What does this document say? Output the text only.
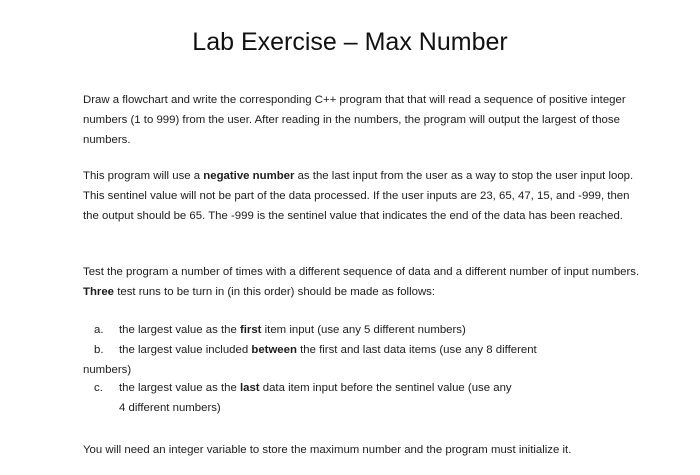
Lab Exercise – Max Number

Draw a flowchart and write the corresponding C++ program that that will read a sequence of positive integer numbers (1 to 999) from the user. After reading in the numbers, the program will output the largest of those numbers.

This program will use a negative number as the last input from the user as a way to stop the user input loop. This sentinel value will not be part of the data processed. If the user inputs are 23, 65, 47, 15, and -999, then the output should be 65. The -999 is the sentinel value that indicates the end of the data has been reached.

Test the program a number of times with a different sequence of data and a different number of input numbers. Three test runs to be turn in (in this order) should be made as follows:

a. the largest value as the first item input (use any 5 different numbers)
b. the largest value included between the first and last data items (use any 8 different
numbers)
c. the largest value as the last data item input before the sentinel value (use any
4 different numbers)

You will need an integer variable to store the maximum number and the program must initialize it.
